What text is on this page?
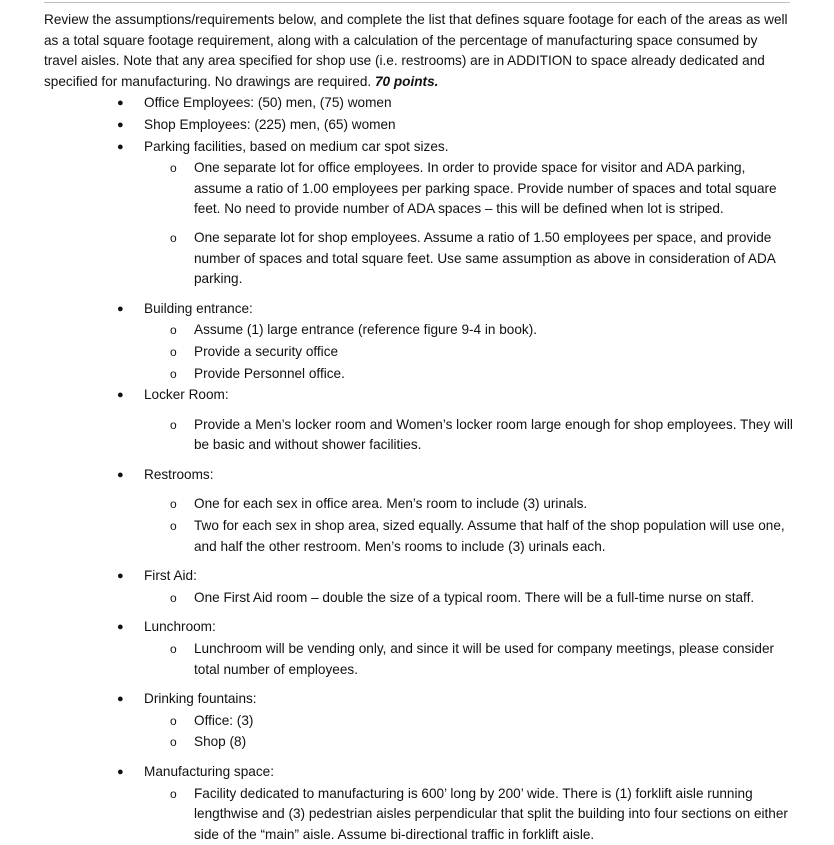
Review the assumptions/requirements below, and complete the list that defines square footage for each of the areas as well as a total square footage requirement, along with a calculation of the percentage of manufacturing space consumed by travel aisles. Note that any area specified for shop use (i.e. restrooms) are in ADDITION to space already dedicated and specified for manufacturing. No drawings are required. 70 points.

● Office Employees: (50) men, (75) women
● Shop Employees: (225) men, (65) women
● Parking facilities, based on medium car spot sizes.
o One separate lot for office employees. In order to provide space for visitor and ADA parking, assume a ratio of 1.00 employees per parking space. Provide number of spaces and total square feet. No need to provide number of ADA spaces – this will be defined when lot is striped.
o One separate lot for shop employees. Assume a ratio of 1.50 employees per space, and provide number of spaces and total square feet. Use same assumption as above in consideration of ADA parking.
● Building entrance:
o Assume (1) large entrance (reference figure 9-4 in book).
o Provide a security office
o Provide Personnel office.
● Locker Room:
o Provide a Men’s locker room and Women’s locker room large enough for shop employees. They will be basic and without shower facilities.
● Restrooms:
o One for each sex in office area. Men’s room to include (3) urinals.
o Two for each sex in shop area, sized equally. Assume that half of the shop population will use one, and half the other restroom. Men’s rooms to include (3) urinals each.
● First Aid:
o One First Aid room – double the size of a typical room. There will be a full-time nurse on staff.
● Lunchroom:
o Lunchroom will be vending only, and since it will be used for company meetings, please consider total number of employees.
● Drinking fountains:
o Office: (3)
o Shop (8)
● Manufacturing space:
o Facility dedicated to manufacturing is 600’ long by 200’ wide. There is (1) forklift aisle running lengthwise and (3) pedestrian aisles perpendicular that split the building into four sections on either side of the “main” aisle. Assume bi-directional traffic in forklift aisle.
